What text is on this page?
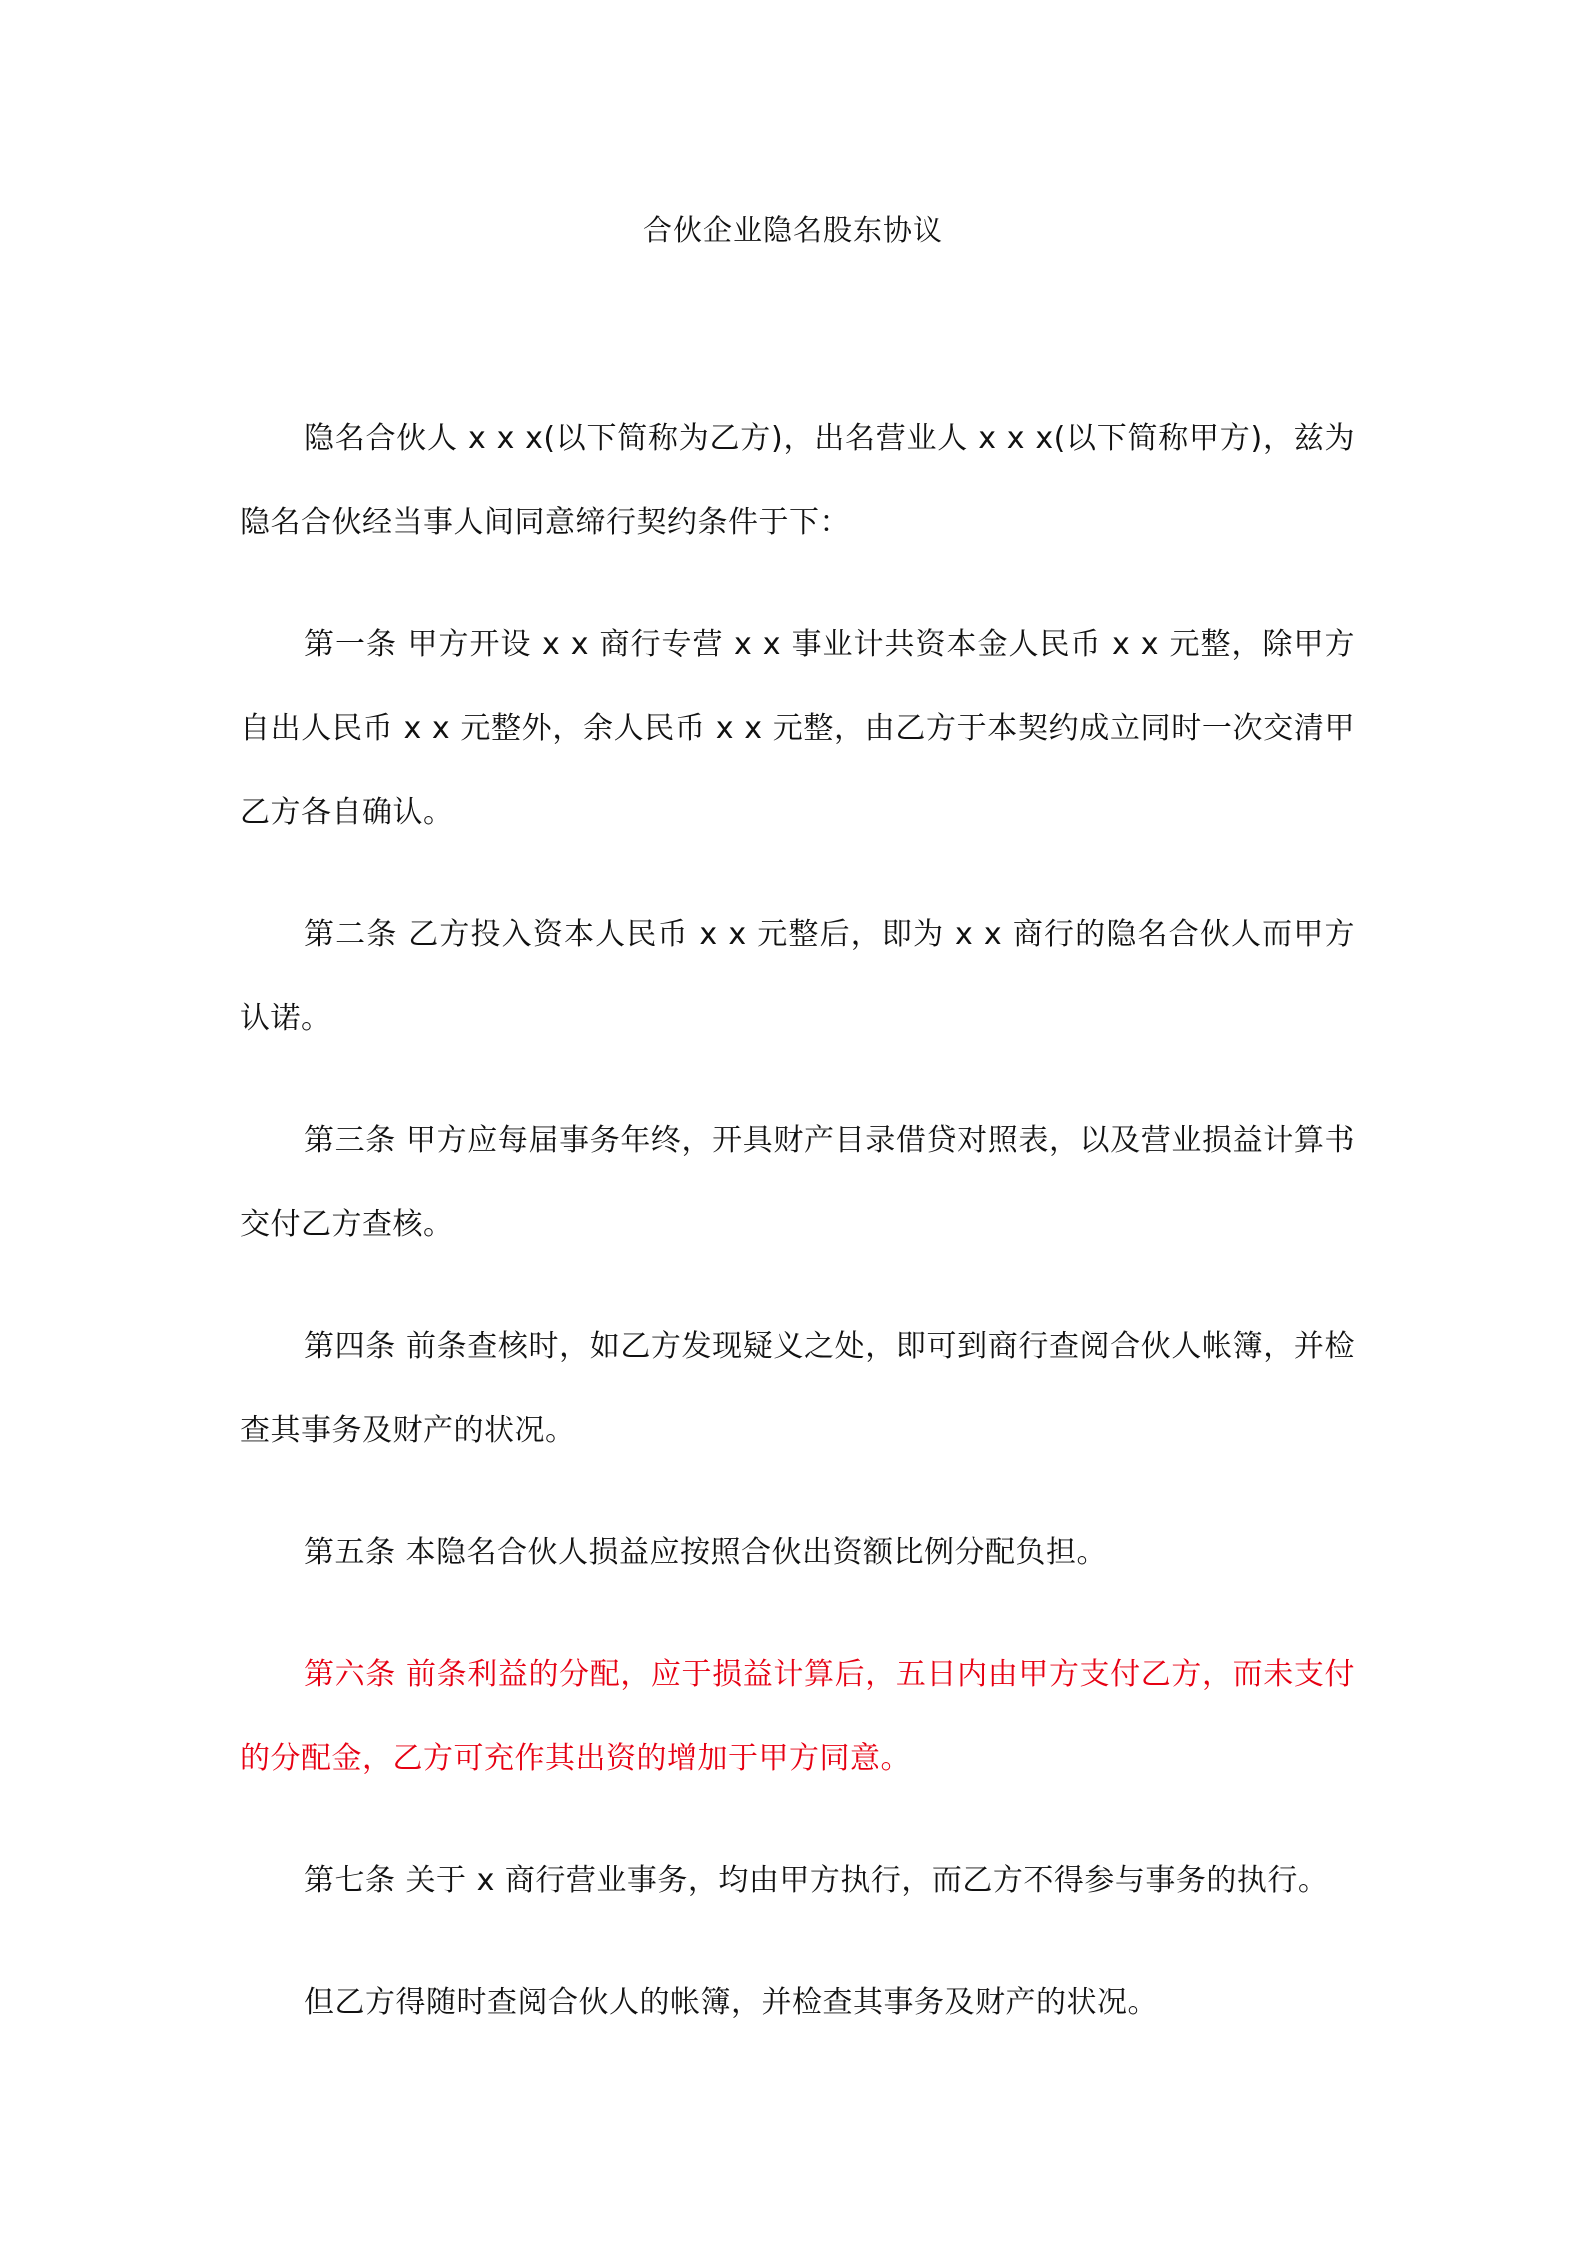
合伙企业隐名股东协议

隐名合伙人 x x x(以下简称为乙方)，出名营业人 x x x(以下简称甲方)，兹为隐名合伙经当事人间同意缔行契约条件于下：

第一条 甲方开设 x x 商行专营 x x 事业计共资本金人民币 x x 元整，除甲方自出人民币 x x 元整外，余人民币 x x 元整，由乙方于本契约成立同时一次交清甲乙方各自确认。

第二条 乙方投入资本人民币 x x 元整后，即为 x x 商行的隐名合伙人而甲方认诺。

第三条 甲方应每届事务年终，开具财产目录借贷对照表，以及营业损益计算书交付乙方查核。

第四条 前条查核时，如乙方发现疑义之处，即可到商行查阅合伙人帐簿，并检查其事务及财产的状况。

第五条 本隐名合伙人损益应按照合伙出资额比例分配负担。

第六条 前条利益的分配，应于损益计算后，五日内由甲方支付乙方，而未支付的分配金，乙方可充作其出资的增加于甲方同意。

第七条 关于 x 商行营业事务，均由甲方执行，而乙方不得参与事务的执行。

但乙方得随时查阅合伙人的帐簿，并检查其事务及财产的状况。
